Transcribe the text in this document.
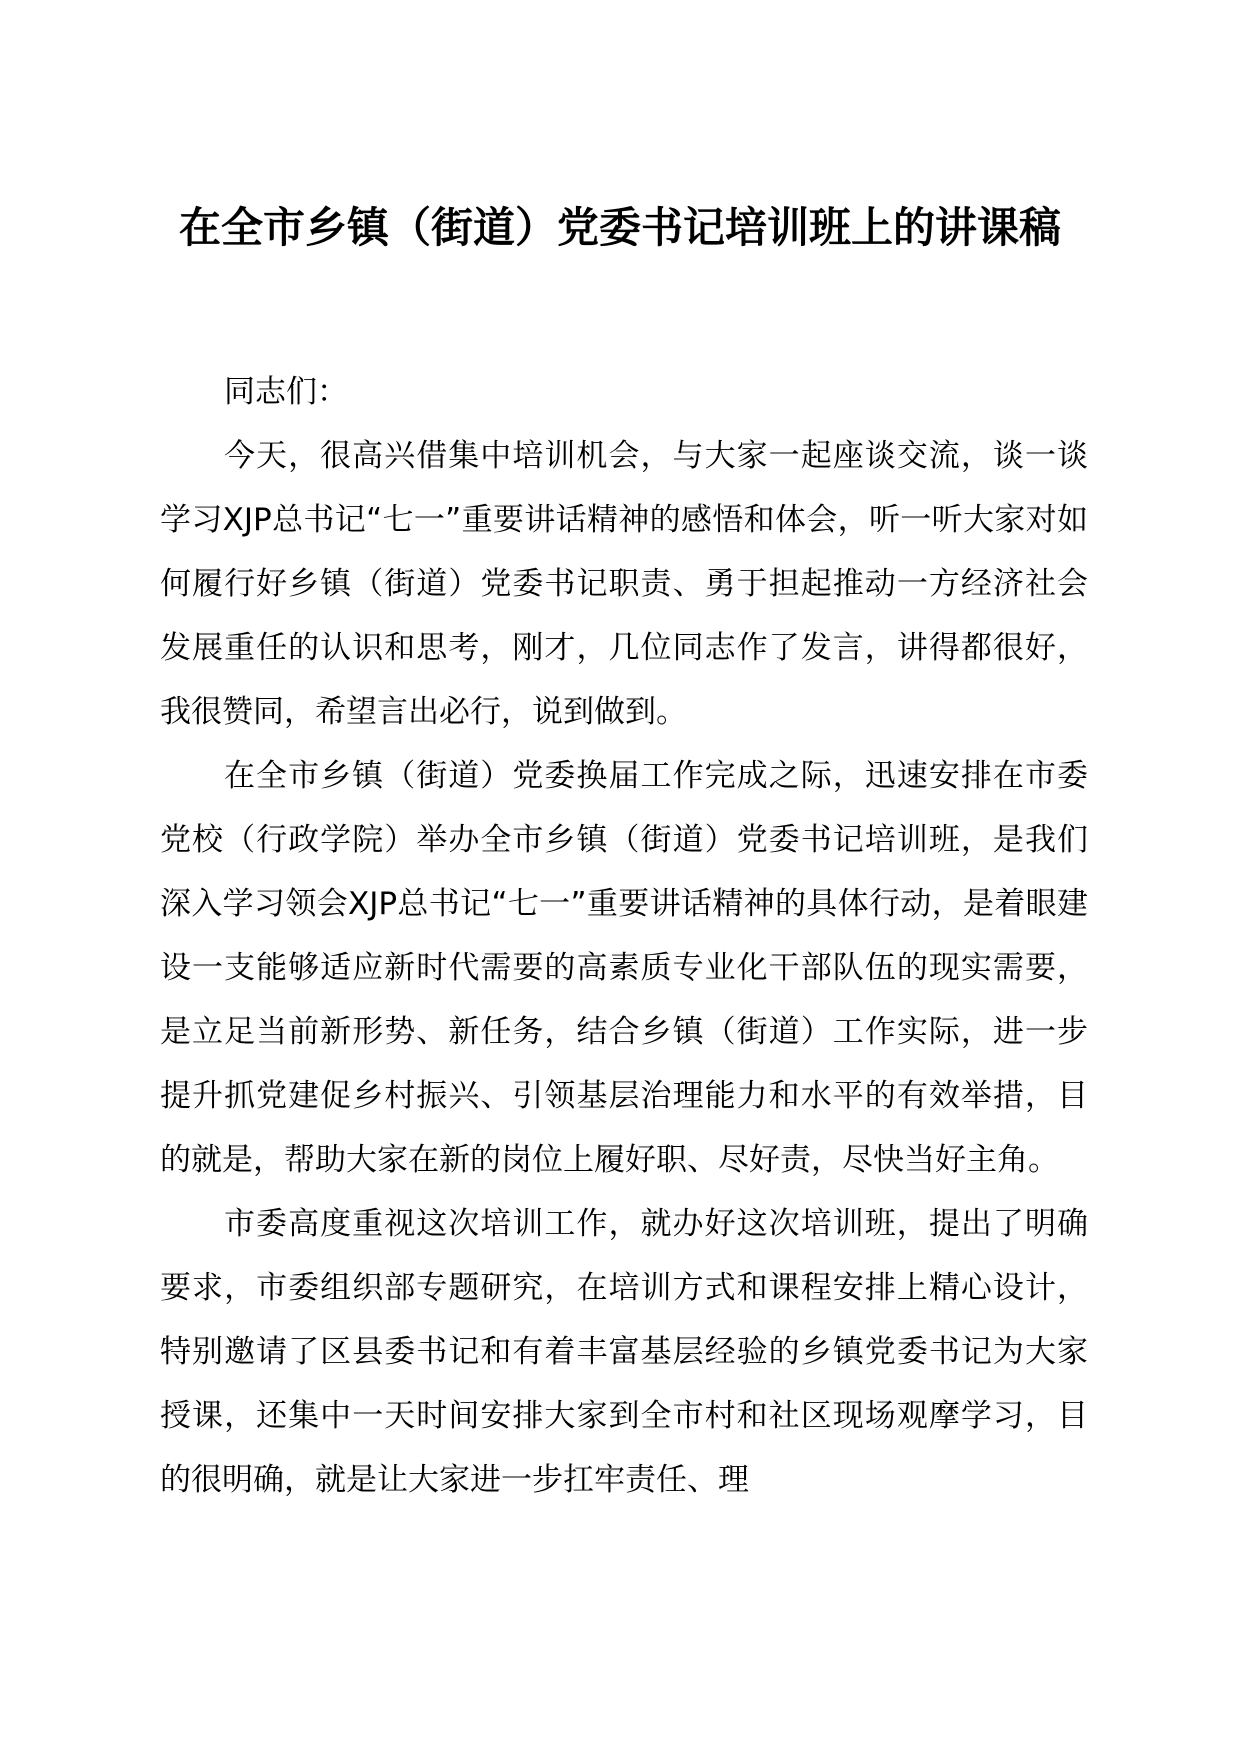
在全市乡镇（街道）党委书记培训班上的讲课稿

同志们：

今天，很高兴借集中培训机会，与大家一起座谈交流，谈一谈学习XJP总书记“七一”重要讲话精神的感悟和体会，听一听大家对如何履行好乡镇（街道）党委书记职责、勇于担起推动一方经济社会发展重任的认识和思考，刚才，几位同志作了发言，讲得都很好，我很赞同，希望言出必行，说到做到。

在全市乡镇（街道）党委换届工作完成之际，迅速安排在市委党校（行政学院）举办全市乡镇（街道）党委书记培训班，是我们深入学习领会XJP总书记“七一”重要讲话精神的具体行动，是着眼建设一支能够适应新时代需要的高素质专业化干部队伍的现实需要，是立足当前新形势、新任务，结合乡镇（街道）工作实际，进一步提升抓党建促乡村振兴、引领基层治理能力和水平的有效举措，目的就是，帮助大家在新的岗位上履好职、尽好责，尽快当好主角。

市委高度重视这次培训工作，就办好这次培训班，提出了明确要求，市委组织部专题研究，在培训方式和课程安排上精心设计，特别邀请了区县委书记和有着丰富基层经验的乡镇党委书记为大家授课，还集中一天时间安排大家到全市村和社区现场观摩学习，目的很明确，就是让大家进一步扛牢责任、理
